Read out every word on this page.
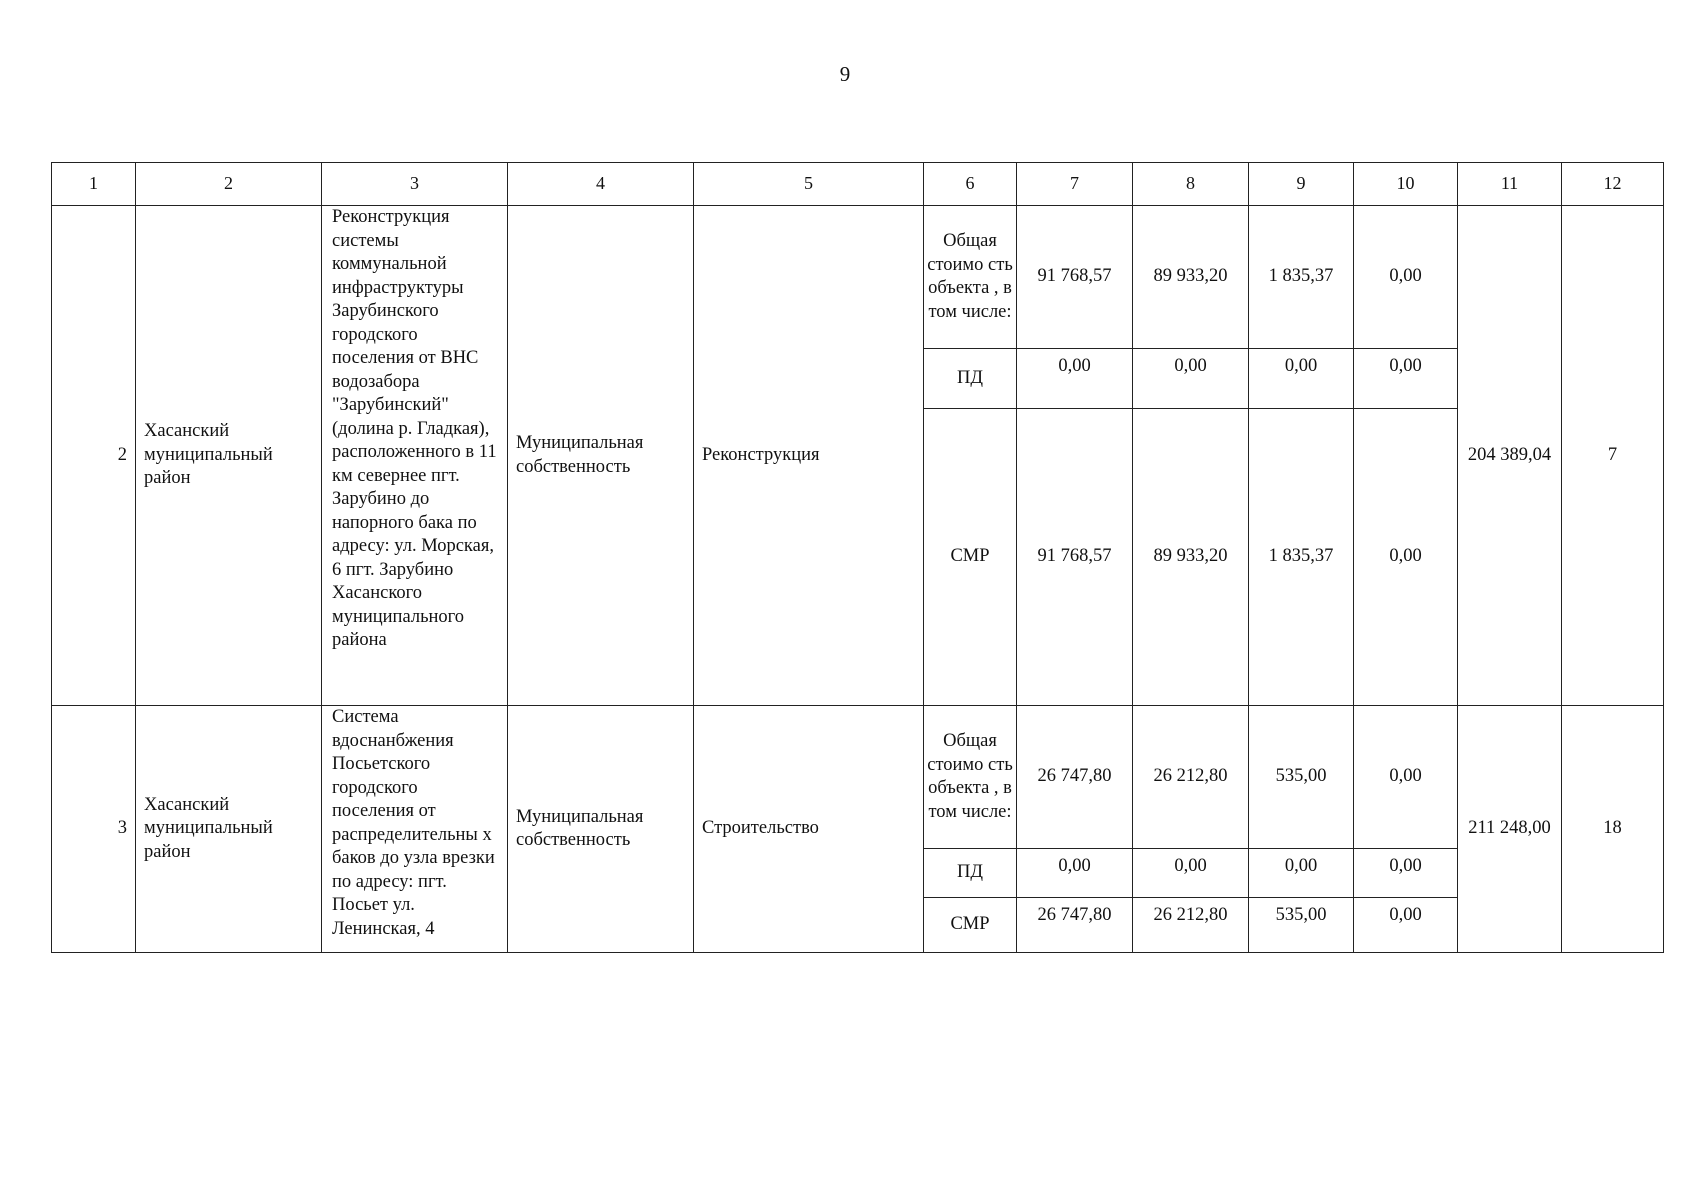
9
1	2	3	4	5	6	7	8	9	10	11	12
2	Хасанский муниципальный район	Реконструкция системы коммунальной инфраструктуры Зарубинского городского поселения от ВНС водозабора "Зарубинский" (долина р. Гладкая), расположенного в 11 км севернее пгт. Зарубино до напорного бака по адресу: ул. Морская, 6 пгт. Зарубино Хасанского муниципального района	Муниципальная собственность	Реконструкция	Общая стоимо сть объекта , в том числе:	91 768,57	89 933,20	1 835,37	0,00	204 389,04	7
					ПД	0,00	0,00	0,00	0,00		
					СМР	91 768,57	89 933,20	1 835,37	0,00		
3	Хасанский муниципальный район	Система вдоснанбжения Посьетского городского поселения от распределительны х баков до узла врезки по адресу: пгт. Посьет ул. Ленинская, 4	Муниципальная собственность	Строительство	Общая стоимо сть объекта , в том числе:	26 747,80	26 212,80	535,00	0,00	211 248,00	18
					ПД	0,00	0,00	0,00	0,00		
					СМР	26 747,80	26 212,80	535,00	0,00		
